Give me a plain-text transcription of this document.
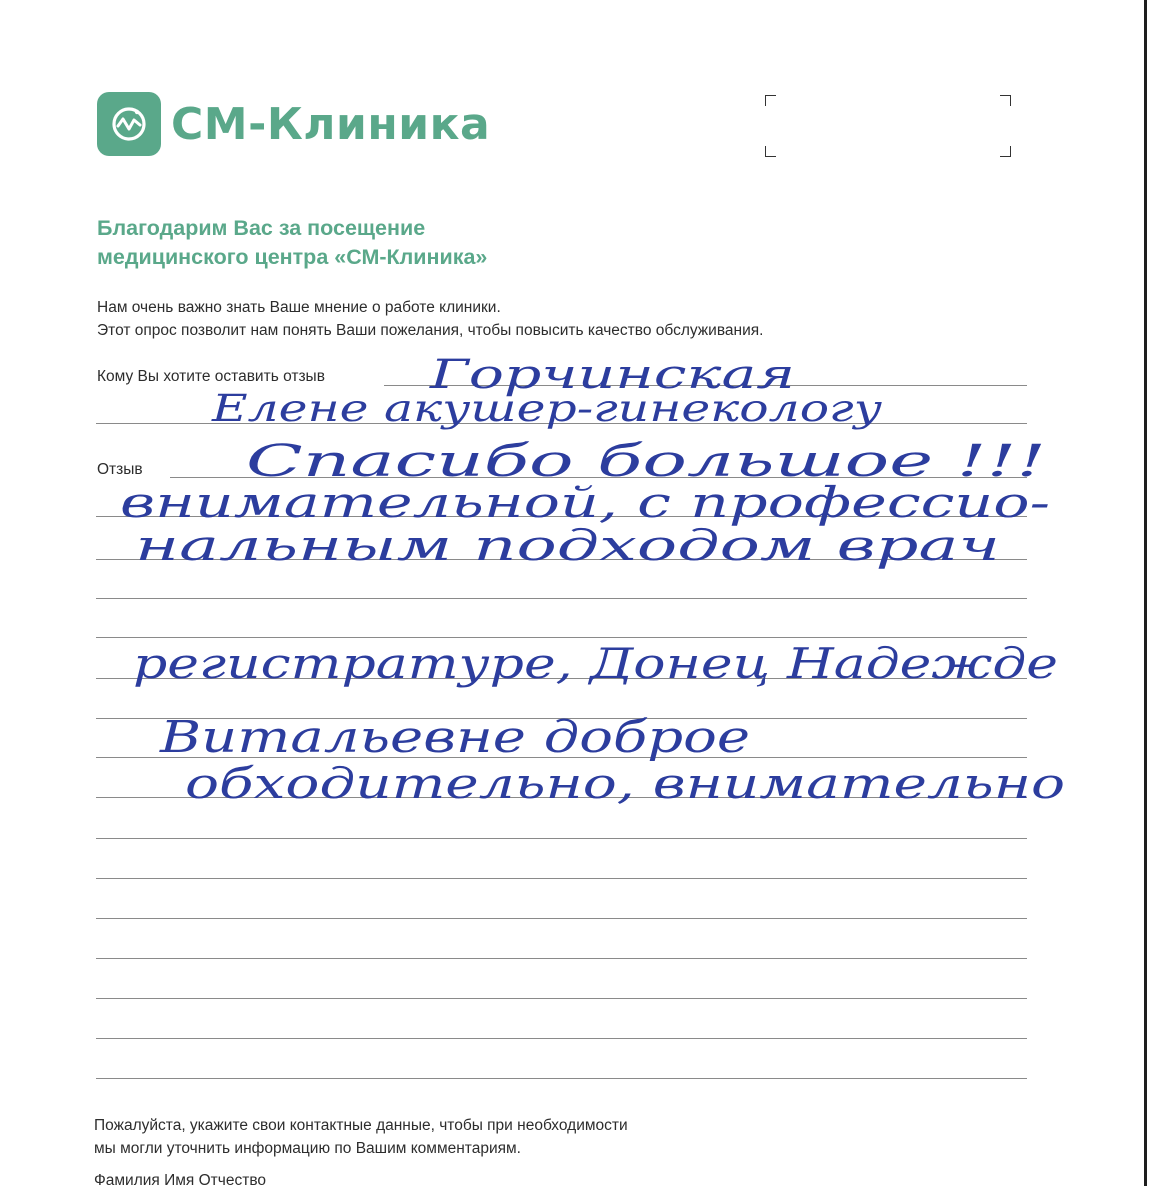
СМ-Клиника
Благодарим Вас за посещение
медицинского центра «СМ-Клиника»
Нам очень важно знать Ваше мнение о работе клиники.
Этот опрос позволит нам понять Ваши пожелания, чтобы повысить качество обслуживания.
Кому Вы хотите оставить отзыв
Отзыв
Горчинская
Елене акушер-гинекологу
Спасибо большое !!!
внимательной, с профессио-
нальным подходом врач
регистратуре, Донец Надежде
Витальевне доброе
обходительно, внимательно
Пожалуйста, укажите свои контактные данные, чтобы при необходимости
мы могли уточнить информацию по Вашим комментариям.
Фамилия Имя Отчество
